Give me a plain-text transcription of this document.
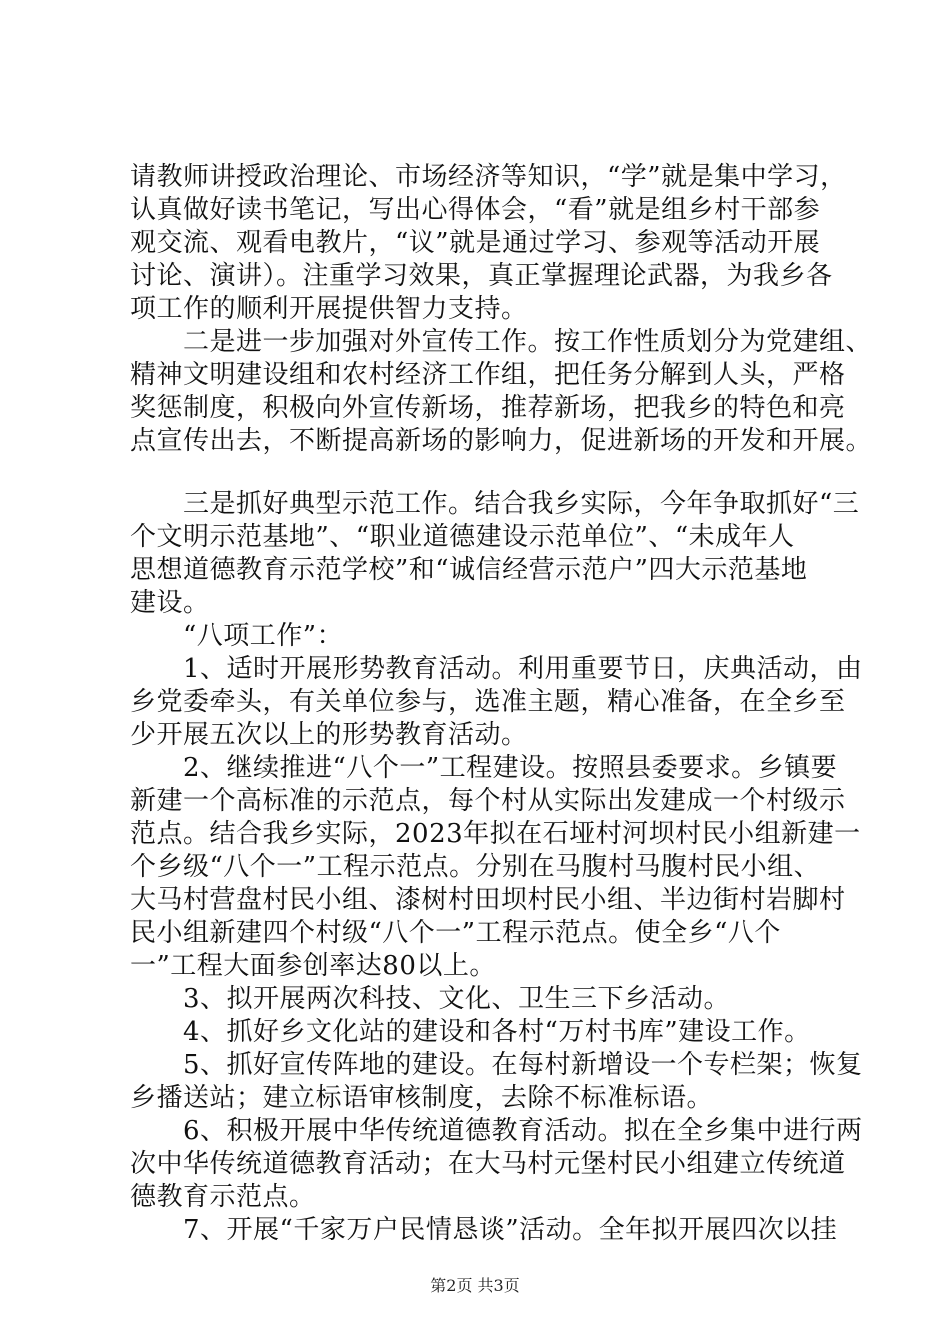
请教师讲授政治理论、市场经济等知识，“学”就是集中学习，
认真做好读书笔记，写出心得体会，“看”就是组乡村干部参
观交流、观看电教片，“议”就是通过学习、参观等活动开展
讨论、演讲）。注重学习效果，真正掌握理论武器，为我乡各
项工作的顺利开展提供智力支持。
　　二是进一步加强对外宣传工作。按工作性质划分为党建组、
精神文明建设组和农村经济工作组，把任务分解到人头，严格
奖惩制度，积极向外宣传新场，推荐新场，把我乡的特色和亮
点宣传出去，不断提高新场的影响力，促进新场的开发和开展。
　　三是抓好典型示范工作。结合我乡实际，今年争取抓好“三
个文明示范基地”、“职业道德建设示范单位”、“未成年人
思想道德教育示范学校”和“诚信经营示范户”四大示范基地
建设。
　　“八项工作”：
　　1、适时开展形势教育活动。利用重要节日，庆典活动，由
乡党委牵头，有关单位参与，选准主题，精心准备，在全乡至
少开展五次以上的形势教育活动。
　　2、继续推进“八个一”工程建设。按照县委要求。乡镇要
新建一个高标准的示范点，每个村从实际出发建成一个村级示
范点。结合我乡实际，2023年拟在石垭村河坝村民小组新建一
个乡级“八个一”工程示范点。分别在马腹村马腹村民小组、
大马村营盘村民小组、漆树村田坝村民小组、半边街村岩脚村
民小组新建四个村级“八个一”工程示范点。使全乡“八个
一”工程大面参创率达80以上。
　　3、拟开展两次科技、文化、卫生三下乡活动。
　　4、抓好乡文化站的建设和各村“万村书库”建设工作。
　　5、抓好宣传阵地的建设。在每村新增设一个专栏架；恢复
乡播送站；建立标语审核制度，去除不标准标语。
　　6、积极开展中华传统道德教育活动。拟在全乡集中进行两
次中华传统道德教育活动；在大马村元堡村民小组建立传统道
德教育示范点。
　　7、开展“千家万户民情恳谈”活动。全年拟开展四次以挂
第2页 共3页
